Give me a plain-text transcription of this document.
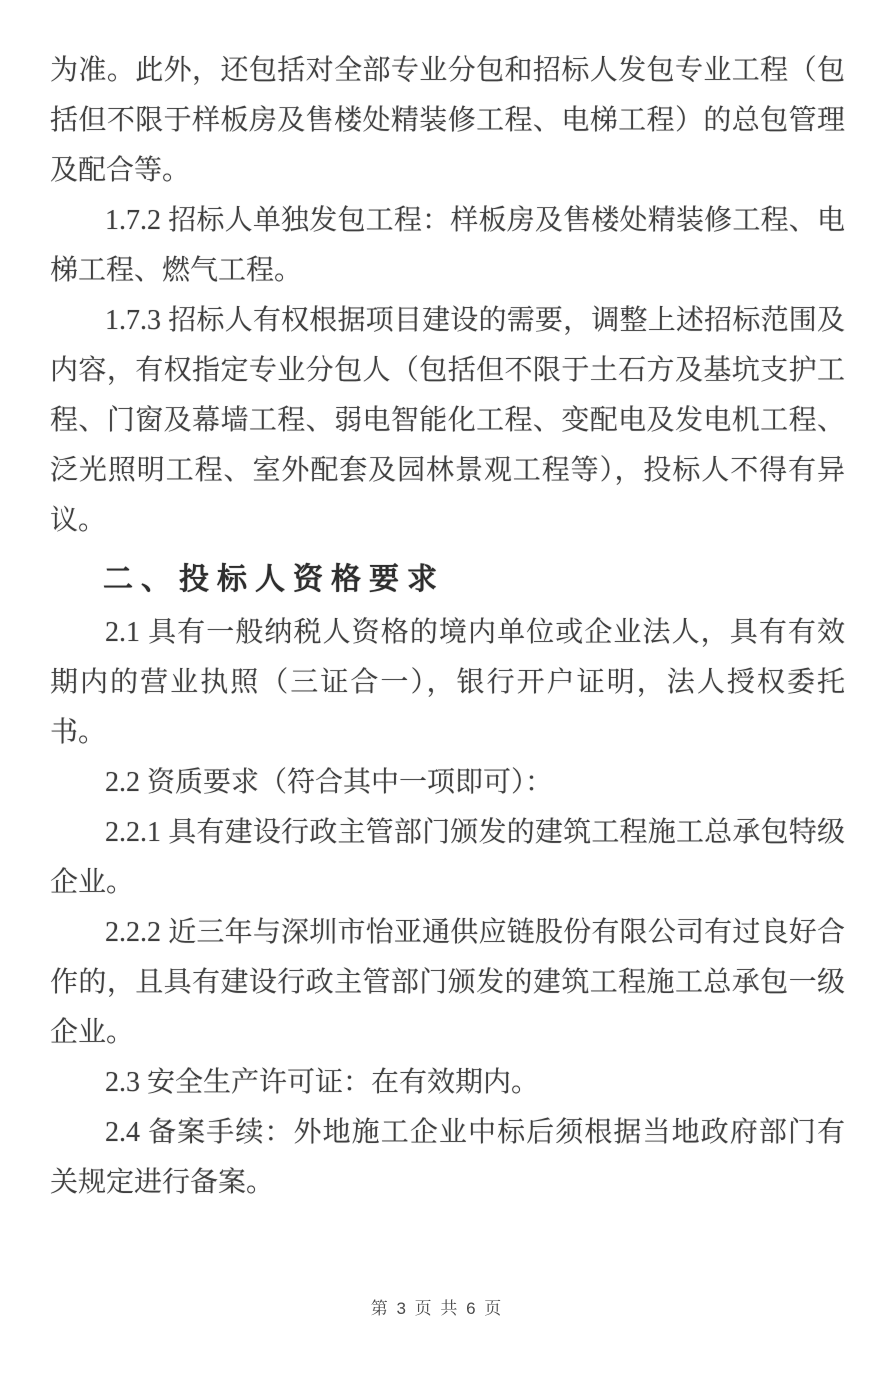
为准。此外，还包括对全部专业分包和招标人发包专业工程（包括但不限于样板房及售楼处精装修工程、电梯工程）的总包管理及配合等。

1.7.2 招标人单独发包工程：样板房及售楼处精装修工程、电梯工程、燃气工程。

1.7.3 招标人有权根据项目建设的需要，调整上述招标范围及内容，有权指定专业分包人（包括但不限于土石方及基坑支护工程、门窗及幕墙工程、弱电智能化工程、变配电及发电机工程、泛光照明工程、室外配套及园林景观工程等），投标人不得有异议。

二、投标人资格要求

2.1 具有一般纳税人资格的境内单位或企业法人，具有有效期内的营业执照（三证合一），银行开户证明，法人授权委托书。

2.2 资质要求（符合其中一项即可）：

2.2.1 具有建设行政主管部门颁发的建筑工程施工总承包特级企业。

2.2.2 近三年与深圳市怡亚通供应链股份有限公司有过良好合作的，且具有建设行政主管部门颁发的建筑工程施工总承包一级企业。

2.3 安全生产许可证：在有效期内。

2.4 备案手续：外地施工企业中标后须根据当地政府部门有关规定进行备案。

第 3 页 共 6 页
